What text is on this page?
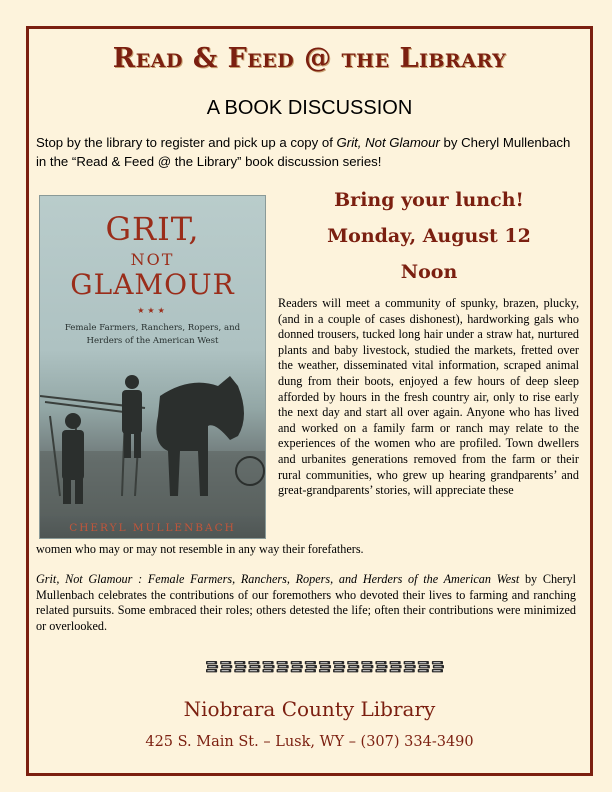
Read & Feed @ the Library
A BOOK DISCUSSION
Stop by the library to register and pick up a copy of Grit, Not Glamour by Cheryl Mullenbach in the “Read & Feed @ the Library” book discussion series!
GRIT,
NOT
GLAMOUR
★★★
Female Farmers, Ranchers, Ropers, and Herders of the American West
CHERYL MULLENBACH
Bring your lunch!
Monday, August 12
Noon
Readers will meet a community of spunky, brazen, plucky, (and in a couple of cases dishonest), hardworking gals who donned trousers, tucked long hair under a straw hat, nurtured plants and baby livestock, studied the markets, fretted over the weather, disseminated vital information, scraped animal dung from their boots, enjoyed a few hours of deep sleep afforded by hours in the fresh country air, only to rise early the next day and start all over again. Anyone who has lived and worked on a family farm or ranch may relate to the experiences of the women who are profiled. Town dwellers and urbanites generations removed from the farm or their rural communities, who grew up hearing grandparents’ and great-grandparents’ stories, will appreciate these
women who may or may not resemble in any way their forefathers.
Grit, Not Glamour : Female Farmers, Ranchers, Ropers, and Herders of the American West by Cheryl Mullenbach celebrates the contributions of our foremothers who devoted their lives to farming and ranching related pursuits. Some embraced their roles; others detested the life; often their contributions were minimized or overlooked.
Niobrara County Library
425 S. Main St. – Lusk, WY – (307) 334-3490
